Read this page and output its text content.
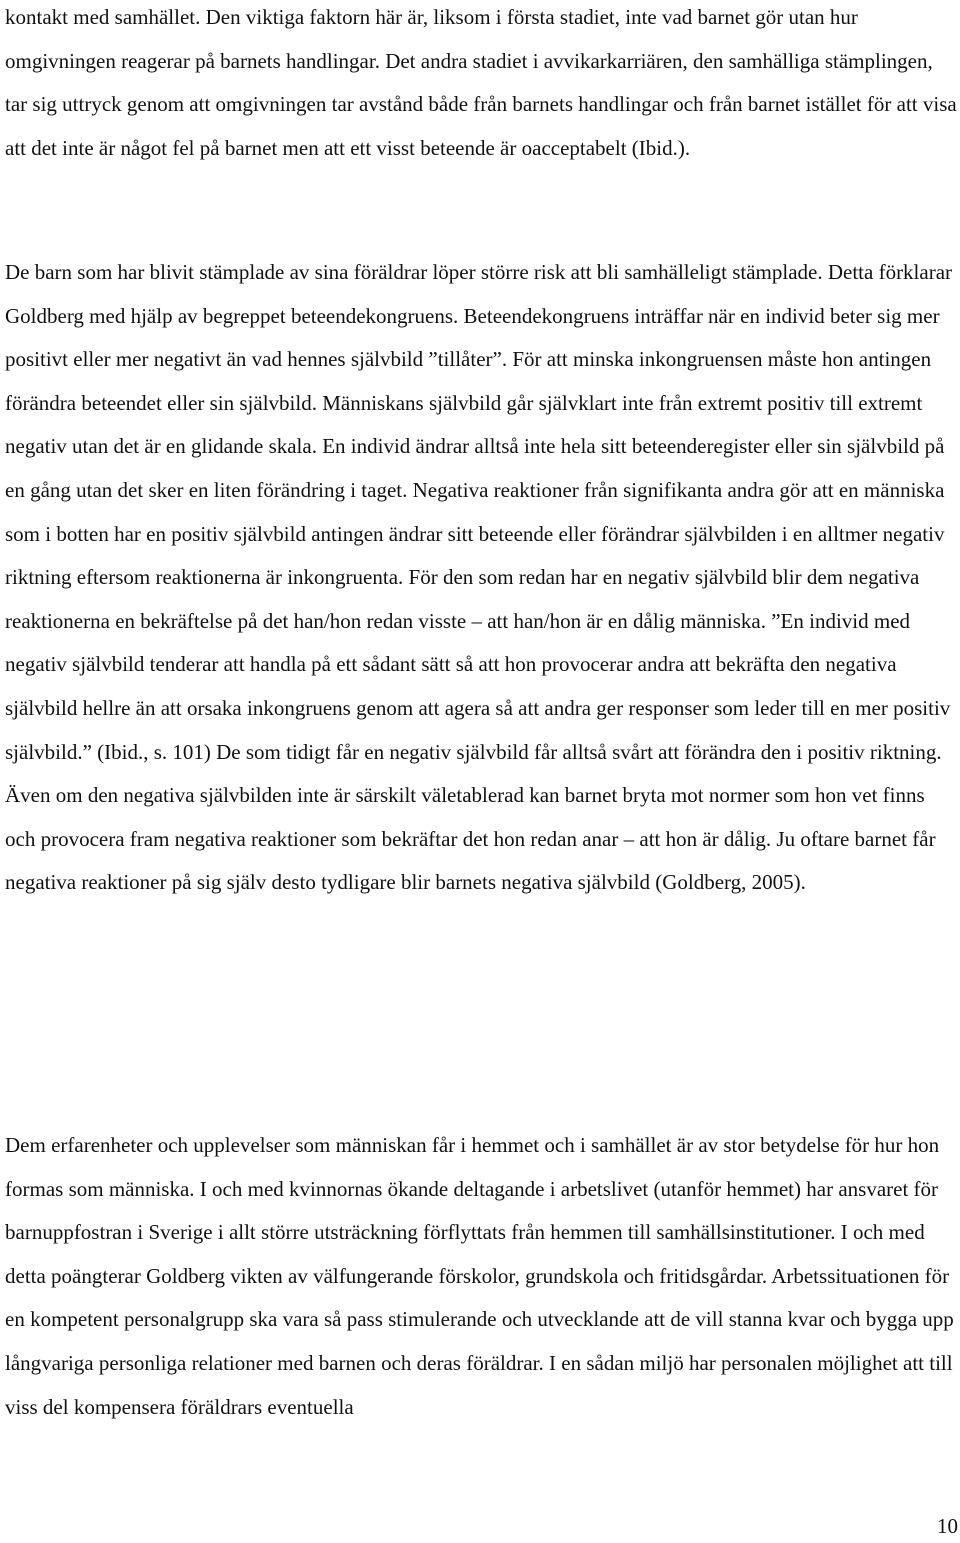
kontakt med samhället. Den viktiga faktorn här är, liksom i första stadiet, inte vad barnet gör utan hur omgivningen reagerar på barnets handlingar. Det andra stadiet i avvikarkarriären, den samhälliga stämplingen, tar sig uttryck genom att omgivningen tar avstånd både från barnets handlingar och från barnet istället för att visa att det inte är något fel på barnet men att ett visst beteende är oacceptabelt (Ibid.).

De barn som har blivit stämplade av sina föräldrar löper större risk att bli samhälleligt stämplade. Detta förklarar Goldberg med hjälp av begreppet beteendekongruens. Beteendekongruens inträffar när en individ beter sig mer positivt eller mer negativt än vad hennes självbild ”tillåter”. För att minska inkongruensen måste hon antingen förändra beteendet eller sin självbild. Människans självbild går självklart inte från extremt positiv till extremt negativ utan det är en glidande skala. En individ ändrar alltså inte hela sitt beteenderegister eller sin självbild på en gång utan det sker en liten förändring i taget. Negativa reaktioner från signifikanta andra gör att en människa som i botten har en positiv självbild antingen ändrar sitt beteende eller förändrar självbilden i en alltmer negativ riktning eftersom reaktionerna är inkongruenta. För den som redan har en negativ självbild blir dem negativa reaktionerna en bekräftelse på det han/hon redan visste – att han/hon är en dålig människa. ”En individ med negativ självbild tenderar att handla på ett sådant sätt så att hon provocerar andra att bekräfta den negativa självbild hellre än att orsaka inkongruens genom att agera så att andra ger responser som leder till en mer positiv självbild.” (Ibid., s. 101) De som tidigt får en negativ självbild får alltså svårt att förändra den i positiv riktning. Även om den negativa självbilden inte är särskilt väletablerad kan barnet bryta mot normer som hon vet finns och provocera fram negativa reaktioner som bekräftar det hon redan anar – att hon är dålig. Ju oftare barnet får negativa reaktioner på sig själv desto tydligare blir barnets negativa självbild (Goldberg, 2005).

Dem erfarenheter och upplevelser som människan får i hemmet och i samhället är av stor betydelse för hur hon formas som människa. I och med kvinnornas ökande deltagande i arbetslivet (utanför hemmet) har ansvaret för barnuppfostran i Sverige i allt större utsträckning förflyttats från hemmen till samhällsinstitutioner. I och med detta poängterar Goldberg vikten av välfungerande förskolor, grundskola och fritidsgårdar. Arbetssituationen för en kompetent personalgrupp ska vara så pass stimulerande och utvecklande att de vill stanna kvar och bygga upp långvariga personliga relationer med barnen och deras föräldrar. I en sådan miljö har personalen möjlighet att till viss del kompensera föräldrars eventuella

10
